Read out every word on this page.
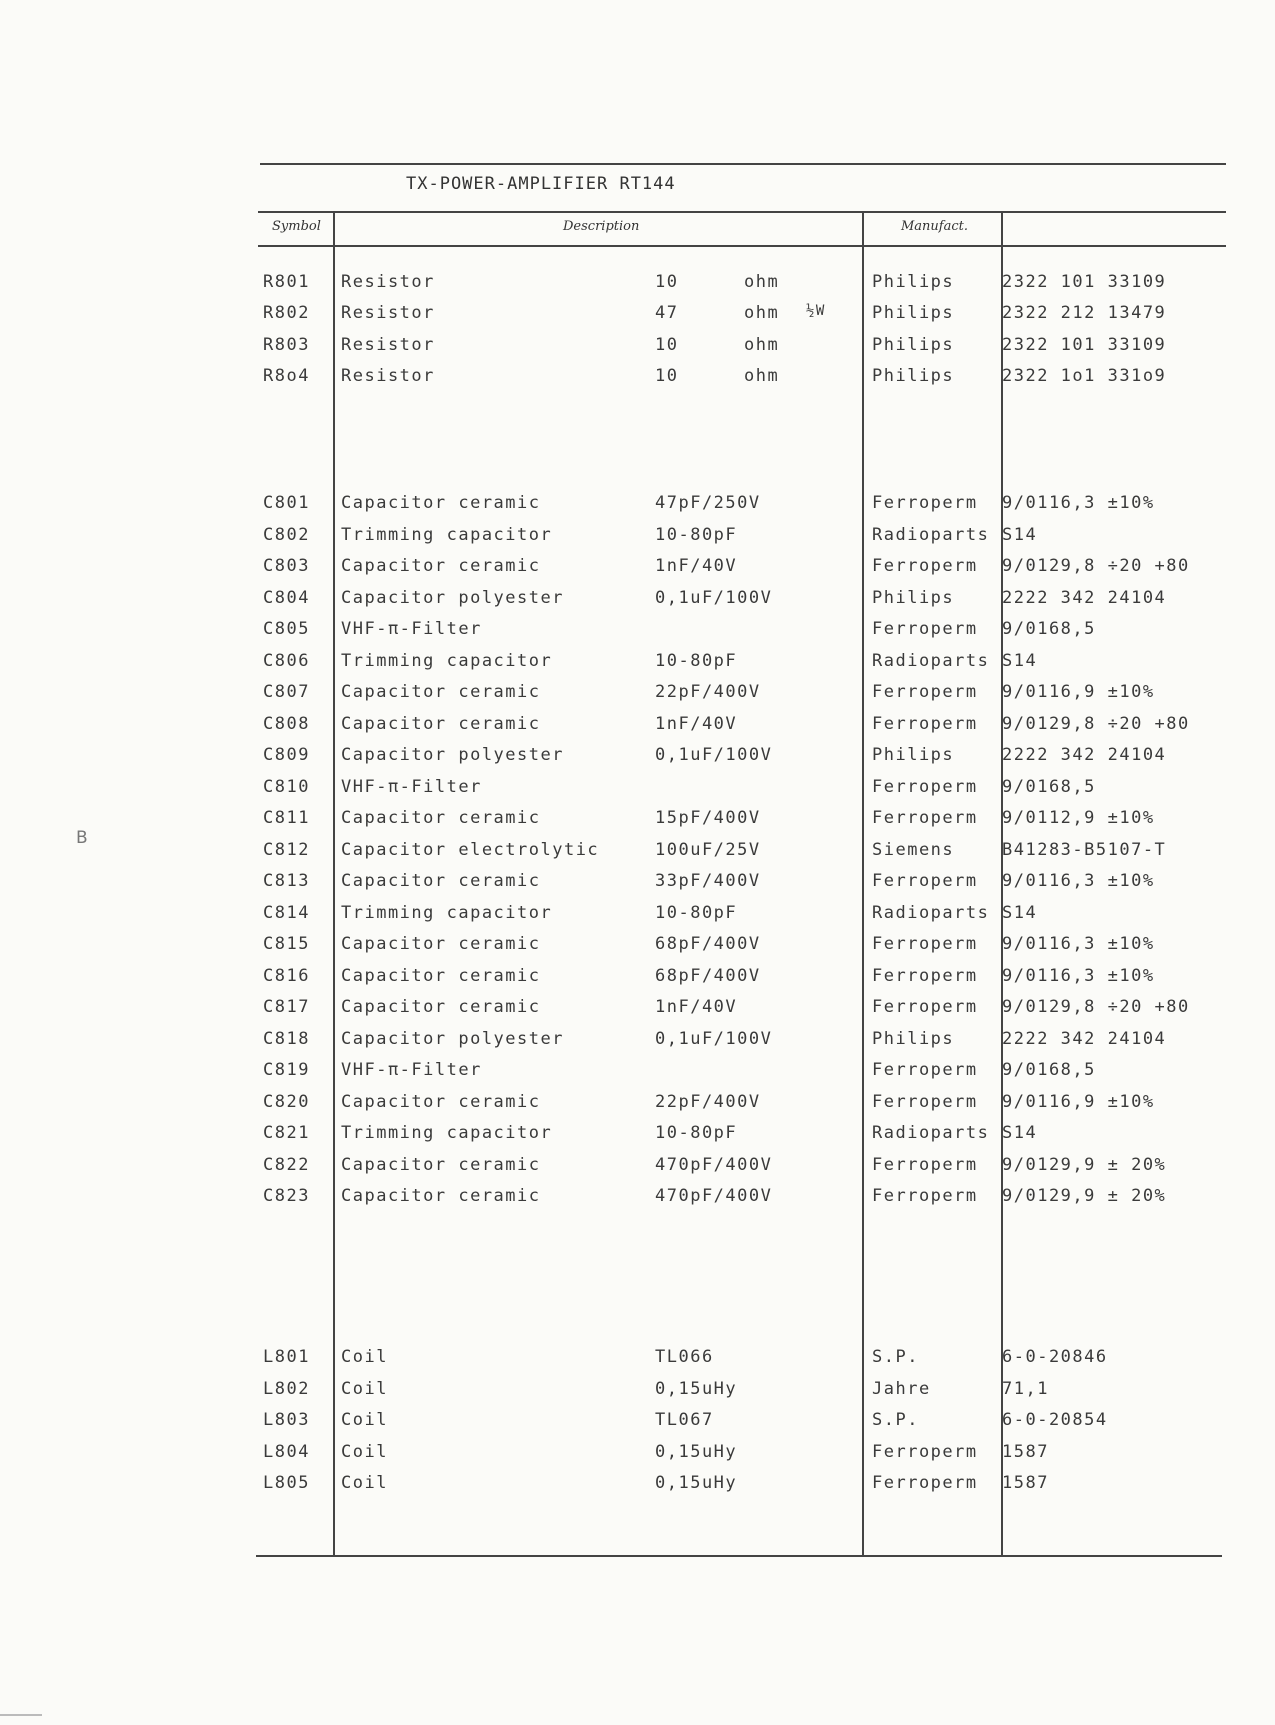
TX-POWER-AMPLIFIER RT144
Symbol	Description	Manufact.
R801 Resistor	10	ohm	Philips	2322 101 33109
R802 Resistor	47	ohm ½W	Philips	2322 212 13479
R803 Resistor	10	ohm	Philips	2322 101 33109
R8o4 Resistor	10	ohm	Philips	2322 1o1 331o9
C801 Capacitor ceramic	47pF/250V	Ferroperm 9/0116,3 ±10%
C802 Trimming capacitor	10-80pF	Radioparts S14
C803 Capacitor ceramic	1nF/40V	Ferroperm 9/0129,8 ÷20 +80
C804 Capacitor polyester	0,1uF/100V	Philips	2222 342 24104
C805 VHF-π-Filter	Ferroperm 9/0168,5
C806 Trimming capacitor	10-80pF	Radioparts S14
C807 Capacitor ceramic	22pF/400V	Ferroperm 9/0116,9 ±10%
C808 Capacitor ceramic	1nF/40V	Ferroperm 9/0129,8 ÷20 +80
C809 Capacitor polyester	0,1uF/100V	Philips	2222 342 24104
C810 VHF-π-Filter	Ferroperm 9/0168,5
C811 Capacitor ceramic	15pF/400V	Ferroperm 9/0112,9 ±10%
C812 Capacitor electrolytic	100uF/25V	Siemens	B41283-B5107-T
C813 Capacitor ceramic	33pF/400V	Ferroperm 9/0116,3 ±10%
C814 Trimming capacitor	10-80pF	Radioparts S14
C815 Capacitor ceramic	68pF/400V	Ferroperm 9/0116,3 ±10%
C816 Capacitor ceramic	68pF/400V	Ferroperm 9/0116,3 ±10%
C817 Capacitor ceramic	1nF/40V	Ferroperm 9/0129,8 ÷20 +80
C818 Capacitor polyester	0,1uF/100V	Philips	2222 342 24104
C819 VHF-π-Filter	Ferroperm 9/0168,5
C820 Capacitor ceramic	22pF/400V	Ferroperm 9/0116,9 ±10%
C821 Trimming capacitor	10-80pF	Radioparts S14
C822 Capacitor ceramic	470pF/400V	Ferroperm 9/0129,9 ± 20%
C823 Capacitor ceramic	470pF/400V	Ferroperm 9/0129,9 ± 20%
L801 Coil	TL066	S.P.	6-0-20846
L802 Coil	0,15uHy	Jahre	71,1
L803 Coil	TL067	S.P.	6-0-20854
L804 Coil	0,15uHy	Ferroperm 1587
L805 Coil	0,15uHy	Ferroperm 1587
B
